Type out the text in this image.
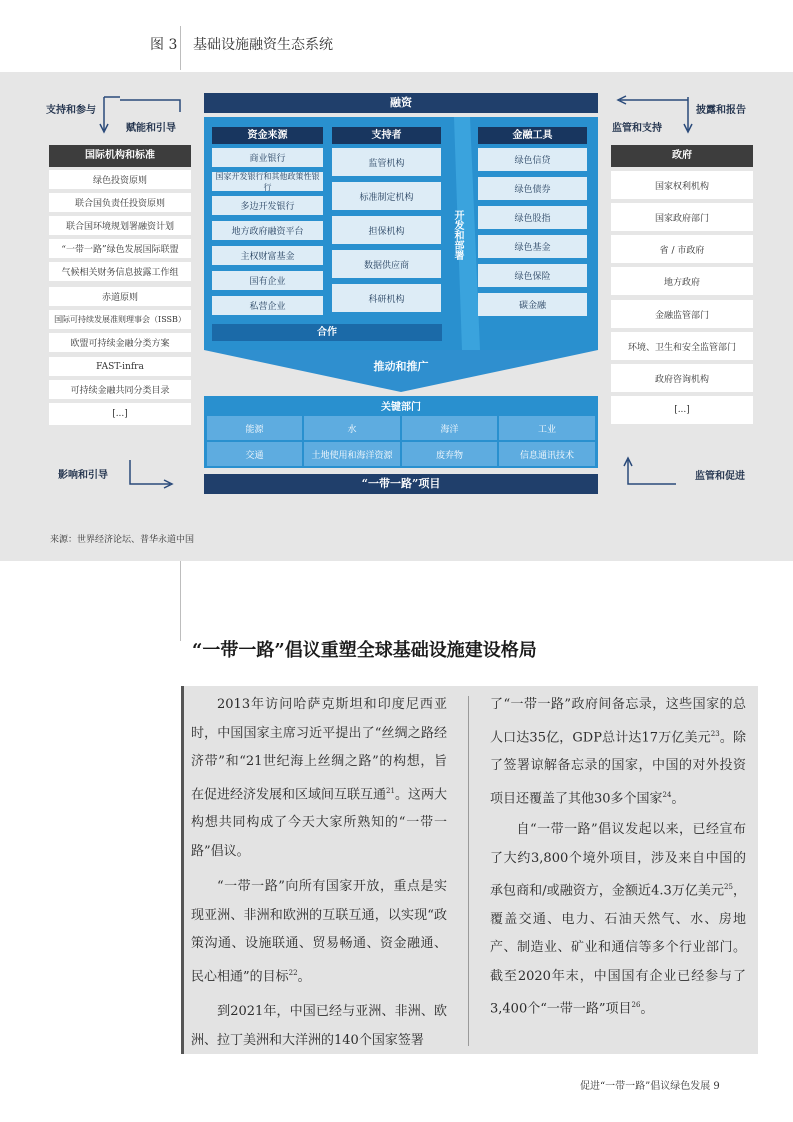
图 3 基础设施融资生态系统
支持和参与
赋能和引导
披露和报告
监管和支持
影响和引导	监管和促进
融资
开发和部署
资金来源
商业银行
国家开发银行和其他政策性银行
多边开发银行
地方政府融资平台
主权财富基金
国有企业
私营企业
支持者
监管机构
标准制定机构
担保机构
数据供应商
科研机构
金融工具
绿色信贷
绿色债券
绿色股指
绿色基金
绿色保险
碳金融
合作
推动和推广
关键部门
能源	水	海洋	工业
交通	土地使用和海洋资源	废弃物	信息通讯技术
“一带一路”项目
国际机构和标准
绿色投资原则
联合国负责任投资原则
联合国环境规划署融资计划
“一带一路”绿色发展国际联盟
气候相关财务信息披露工作组
赤道原则
国际可持续发展准则理事会（ISSB）
欧盟可持续金融分类方案
FAST-infra
可持续金融共同分类目录
[...]
政府
国家权利机构
国家政府部门
省 / 市政府
地方政府
金融监管部门
环境、卫生和安全监管部门
政府咨询机构
[...]
来源：世界经济论坛、普华永道中国
“一带一路”倡议重塑全球基础设施建设格局
2013年访问哈萨克斯坦和印度尼西亚时，中国国家主席习近平提出了“丝绸之路经济带”和“21世纪海上丝绸之路”的构想，旨在促进经济发展和区域间互联互通$^{21}$。这两大构想共同构成了今天大家所熟知的“一带一路”倡议。
“一带一路”向所有国家开放，重点是实现亚洲、非洲和欧洲的互联互通，以实现“政策沟通、设施联通、贸易畅通、资金融通、民心相通”的目标$^{22}$。
到2021年，中国已经与亚洲、非洲、欧洲、拉丁美洲和大洋洲的140个国家签署
了“一带一路”政府间备忘录，这些国家的总人口达35亿，GDP总计达17万亿美元$^{23}$。除了签署谅解备忘录的国家，中国的对外投资项目还覆盖了其他30多个国家$^{24}$。
自“一带一路”倡议发起以来，已经宣布了大约3,800个境外项目，涉及来自中国的承包商和/或融资方，金额近4.3万亿美元$^{25}$，覆盖交通、电力、石油天然气、水、房地产、制造业、矿业和通信等多个行业部门。截至2020年末，中国国有企业已经参与了3,400个“一带一路”项目$^{26}$。
促进“一带一路”倡议绿色发展 9
